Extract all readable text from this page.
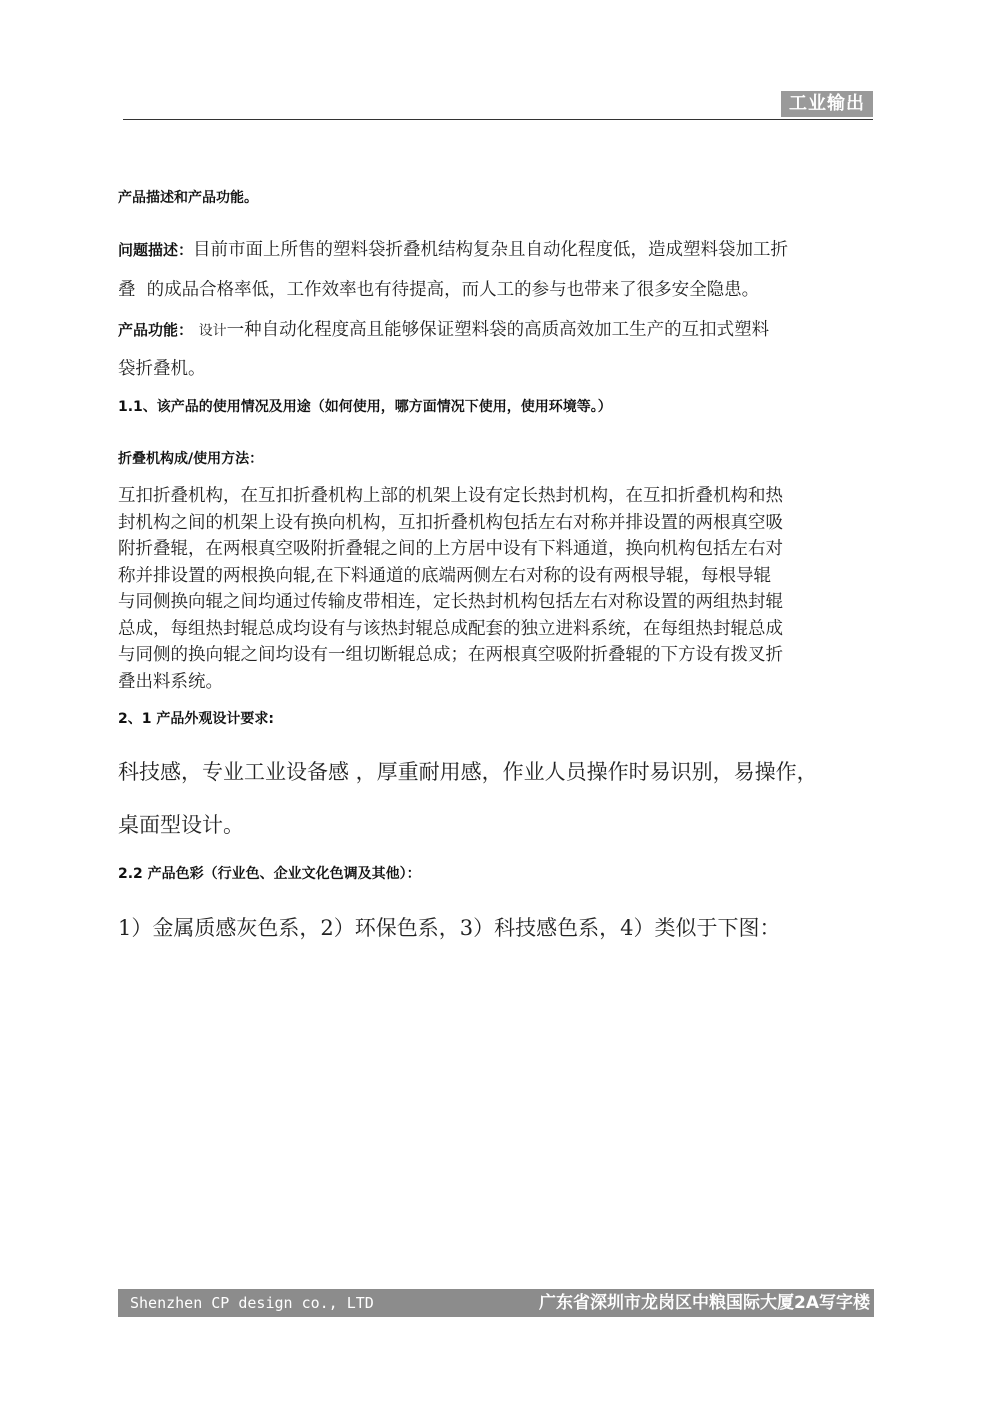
工业输出
产品描述和产品功能。
问题描述：目前市面上所售的塑料袋折叠机结构复杂且自动化程度低，造成塑料袋加工折
叠  的成品合格率低，工作效率也有待提高，而人工的参与也带来了很多安全隐患。
产品功能： 设计一种自动化程度高且能够保证塑料袋的高质高效加工生产的互扣式塑料
袋折叠机。
1.1、该产品的使用情况及用途（如何使用，哪方面情况下使用，使用环境等。）
折叠机构成/使用方法：
互扣折叠机构，在互扣折叠机构上部的机架上设有定长热封机构，在互扣折叠机构和热
封机构之间的机架上设有换向机构，互扣折叠机构包括左右对称并排设置的两根真空吸
附折叠辊，在两根真空吸附折叠辊之间的上方居中设有下料通道，换向机构包括左右对
称并排设置的两根换向辊,在下料通道的底端两侧左右对称的设有两根导辊，每根导辊
与同侧换向辊之间均通过传输皮带相连，定长热封机构包括左右对称设置的两组热封辊
总成，每组热封辊总成均设有与该热封辊总成配套的独立进料系统，在每组热封辊总成
与同侧的换向辊之间均设有一组切断辊总成；在两根真空吸附折叠辊的下方设有拨叉折
叠出料系统。
2、1 产品外观设计要求:
科技感，专业工业设备感 ，厚重耐用感，作业人员操作时易识别，易操作，
桌面型设计。
2.2 产品色彩（行业色、企业文化色调及其他）：
1）金属质感灰色系，2）环保色系，3）科技感色系，4）类似于下图：
Shenzhen CP design co., LTD	广东省深圳市龙岗区中粮国际大厦2A写字楼
